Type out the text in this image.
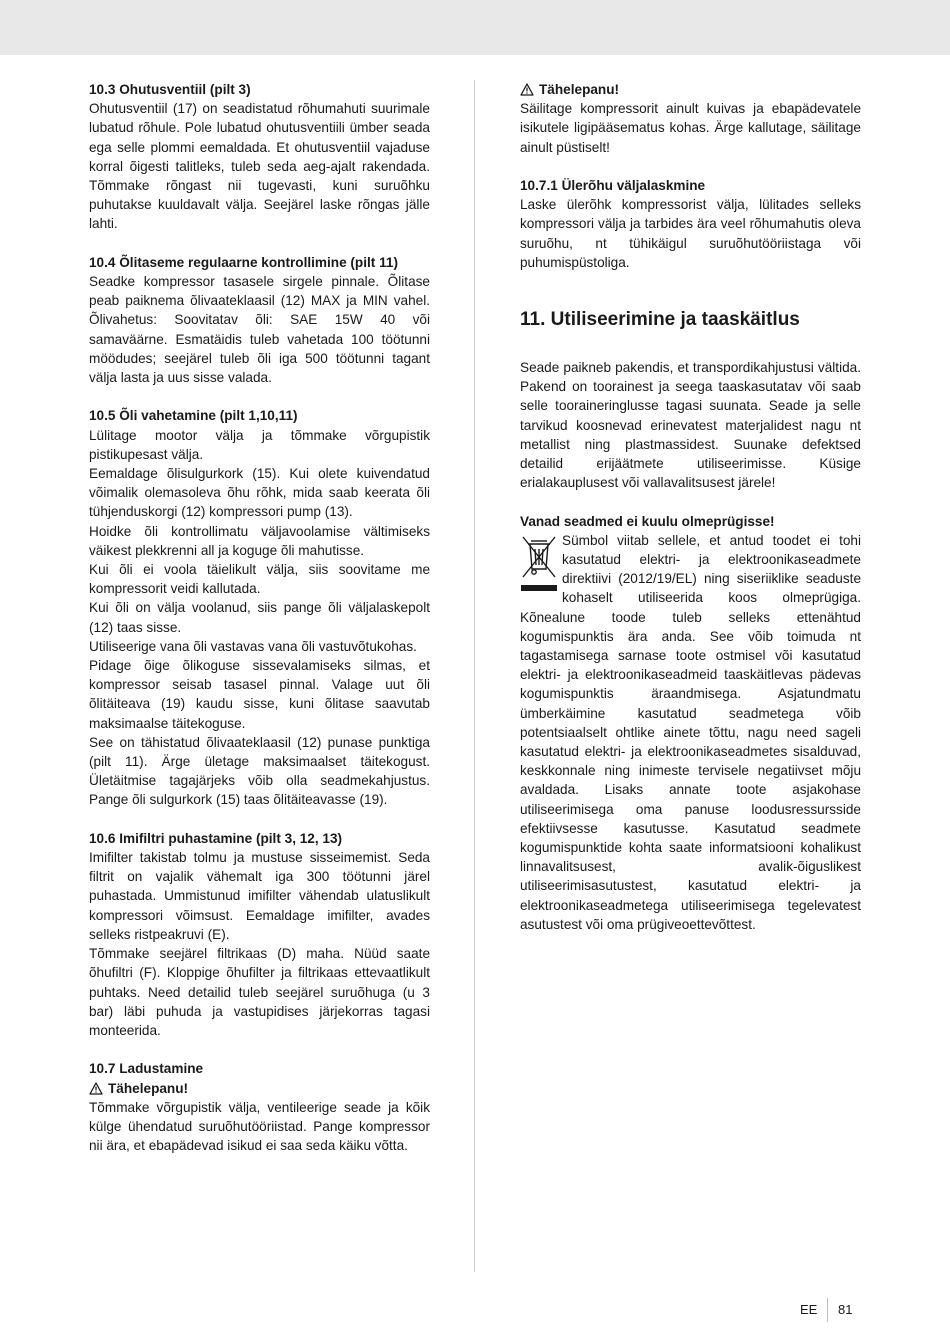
10.3 Ohutusventiil (pilt 3)

Ohutusventiil (17) on seadistatud rõhumahuti suurimale lubatud rõhule. Pole lubatud ohutusventiili ümber seada ega selle plommi eemaldada. Et ohutusventiil vajaduse korral õigesti talitleks, tuleb seda aeg-ajalt rakendada. Tõmmake rõngast nii tugevasti, kuni suruõhku puhutakse kuuldavalt välja. Seejärel laske rõngas jälle lahti.

10.4 Õlitaseme regulaarne kontrollimine (pilt 11)

Seadke kompressor tasasele sirgele pinnale. Õlitase peab paiknema õlivaateklaasil (12) MAX ja MIN vahel. Õlivahetus: Soovitatav õli: SAE 15W 40 või samaväärne. Esmatäidis tuleb vahetada 100 töötunni möödudes; seejärel tuleb õli iga 500 töötunni tagant välja lasta ja uus sisse valada.

10.5 Õli vahetamine (pilt 1,10,11)

Lülitage mootor välja ja tõmmake võrgupistik pistikupesast välja.

Eemaldage õlisulgurkork (15). Kui olete kuivendatud võimalik olemasoleva õhu rõhk, mida saab keerata õli tühjenduskorgi (12) kompressori pump (13).

Hoidke õli kontrollimatu väljavoolamise vältimiseks väikest plekkrenni all ja koguge õli mahutisse.

Kui õli ei voola täielikult välja, siis soovitame me kompressorit veidi kallutada.

Kui õli on välja voolanud, siis pange õli väljalaskepolt (12) taas sisse.

Utiliseerige vana õli vastavas vana õli vastuvõtukohas.

Pidage õige õlikoguse sissevalamiseks silmas, et kompressor seisab tasasel pinnal. Valage uut õli õlitäiteava (19) kaudu sisse, kuni õlitase saavutab maksimaalse täitekoguse.

See on tähistatud õlivaateklaasil (12) punase punktiga (pilt 11). Ärge ületage maksimaalset täitekogust. Ületäitmise tagajärjeks võib olla seadmekahjustus. Pange õli sulgurkork (15) taas õlitäiteavasse (19).

10.6 Imifiltri puhastamine (pilt 3, 12, 13)

Imifilter takistab tolmu ja mustuse sisseimemist. Seda filtrit on vajalik vähemalt iga 300 töötunni järel puhastada. Ummistunud imifilter vähendab ulatuslikult kompressori võimsust. Eemaldage imifilter, avades selleks ristpeakruvi (E).

Tõmmake seejärel filtrikaas (D) maha. Nüüd saate õhufiltri (F). Kloppige õhufilter ja filtrikaas ettevaatlikult puhtaks. Need detailid tuleb seejärel suruõhuga (u 3 bar) läbi puhuda ja vastupidises järjekorras tagasi monteerida.

10.7 Ladustamine
Tähelepanu!

Tõmmake võrgupistik välja, ventileerige seade ja kõik külge ühendatud suruõhutööriistad. Pange kompressor nii ära, et ebapädevad isikud ei saa seda käiku võtta.

Tähelepanu!

Säilitage kompressorit ainult kuivas ja ebapädevatele isikutele ligipääsematus kohas. Ärge kallutage, säilitage ainult püstiselt!

10.7.1 Ülerõhu väljalaskmine

Laske ülerõhk kompressorist välja, lülitades selleks kompressori välja ja tarbides ära veel rõhumahutis oleva suruõhu, nt tühikäigul suruõhutööriistaga või puhumispüstoliga.

11. Utiliseerimine ja taaskäitlus

Seade paikneb pakendis, et transpordikahjustusi vältida. Pakend on toorainest ja seega taaskasutatav või saab selle tooraineringlusse tagasi suunata. Seade ja selle tarvikud koosnevad erinevatest materjalidest nagu nt metallist ning plastmassidest. Suunake defektsed detailid erijäätmete utiliseerimisse. Küsige erialakauplusest või vallavalitsusest järele!

Vanad seadmed ei kuulu olmeprügisse!

Sümbol viitab sellele, et antud toodet ei tohi kasutatud elektri- ja elektroonikaseadmete direktiivi (2012/19/EL) ning siseriiklike seaduste kohaselt utiliseerida koos olmeprügiga. Kõnealune toode tuleb selleks ettenähtud kogumispunktis ära anda. See võib toimuda nt tagastamisega sarnase toote ostmisel või kasutatud elektri- ja elektroonikaseadmeid taaskäitlevas pädevas kogumispunktis äraandmisega. Asjatundmatu ümberkäimine kasutatud seadmetega võib potentsiaalselt ohtlike ainete tõttu, nagu need sageli kasutatud elektri- ja elektroonikaseadmetes sisalduvad, keskkonnale ning inimeste tervisele negatiivset mõju avaldada. Lisaks annate toote asjakohase utiliseerimisega oma panuse loodusressursside efektiivsesse kasutusse. Kasutatud seadmete kogumispunktide kohta saate informatsiooni kohalikust linnavalitsusest, avalik-õiguslikest utiliseerimisasutustest, kasutatud elektri- ja elektroonikaseadmetega utiliseerimisega tegelevatest asutustest või oma prügiveoettevõttest.

EE 81
